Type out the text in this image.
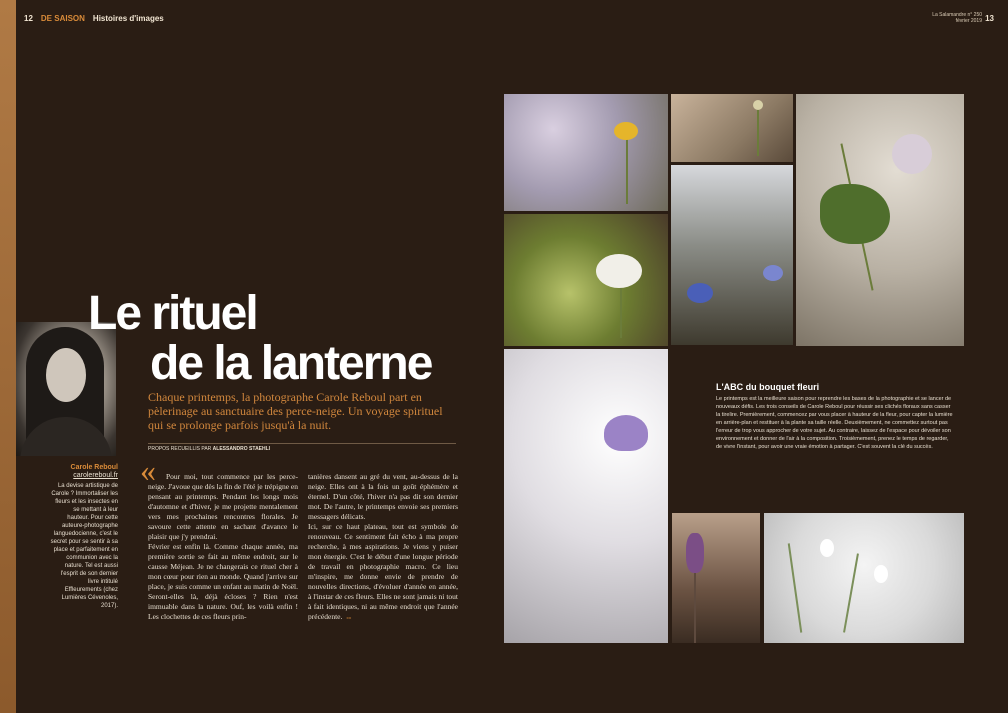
12 DE SAISON Histoires d'images	La Salamandre n° 250
février 2019 13
Le rituel
de la lanterne
Chaque printemps, la photographe Carole Reboul part en pèlerinage au sanctuaire des perce-neige. Un voyage spirituel qui se prolonge parfois jusqu'à la nuit.
PROPOS RECUEILLIS PAR ALESSANDRO STAEHLI
Carole Reboul
carolereboul.fr

La devise artistique de Carole ? Immortaliser les fleurs et les insectes en se mettant à leur hauteur. Pour cette auteure-photographe languedocienne, c'est le secret pour se sentir à sa place et parfaitement en communion avec la nature. Tel est aussi l'esprit de son dernier livre intitulé Effleurements (chez Lumières Cévenoles, 2017).

«	Pour moi, tout commence par les perce-neige. J'avoue que dès la fin de l'été je trépigne en pensant au printemps. Pendant les longs mois d'automne et d'hiver, je me projette mentalement vers mes prochaines rencontres florales. Je savoure cette attente en sachant d'avance le plaisir que j'y prendrai.

Février est enfin là. Comme chaque année, ma première sortie se fait au même endroit, sur le causse Méjean. Je ne changerais ce rituel cher à mon cœur pour rien au monde. Quand j'arrive sur place, je suis comme un enfant au matin de Noël. Seront-elles là, déjà écloses ? Rien n'est immuable dans la nature. Ouf, les voilà enfin ! Les clochettes de ces fleurs prin-

tanières dansent au gré du vent, au-dessus de la neige. Elles ont à la fois un goût éphémère et éternel. D'un côté, l'hiver n'a pas dit son dernier mot. De l'autre, le printemps envoie ses premiers messagers délicats.

Ici, sur ce haut plateau, tout est symbole de renouveau. Ce sentiment fait écho à ma propre recherche, à mes aspirations. Je viens y puiser mon énergie. C'est le début d'une longue période de travail en photographie macro. Ce lieu m'inspire, me donne envie de prendre de nouvelles directions, d'évoluer d'année en année, à l'instar de ces fleurs. Elles ne sont jamais ni tout à fait identiques, ni au même endroit que l'année précédente. »»

L'ABC du bouquet fleuri
Le printemps est la meilleure saison pour reprendre les bases de la photographie et se lancer de nouveaux défis. Les trois conseils de Carole Reboul pour réussir ses clichés floraux sans casser la tirelire. Premièrement, commencez par vous placer à hauteur de la fleur, pour capter la lumière en arrière-plan et restituer à la plante sa taille réelle. Deuxièmement, ne commettez surtout pas l'erreur de trop vous approcher de votre sujet. Au contraire, laissez de l'espace pour dévoiler son environnement et donner de l'air à la composition. Troisièmement, prenez le temps de regarder, de vivre l'instant, pour avoir une vraie émotion à partager. C'est souvent la clé du succès.
